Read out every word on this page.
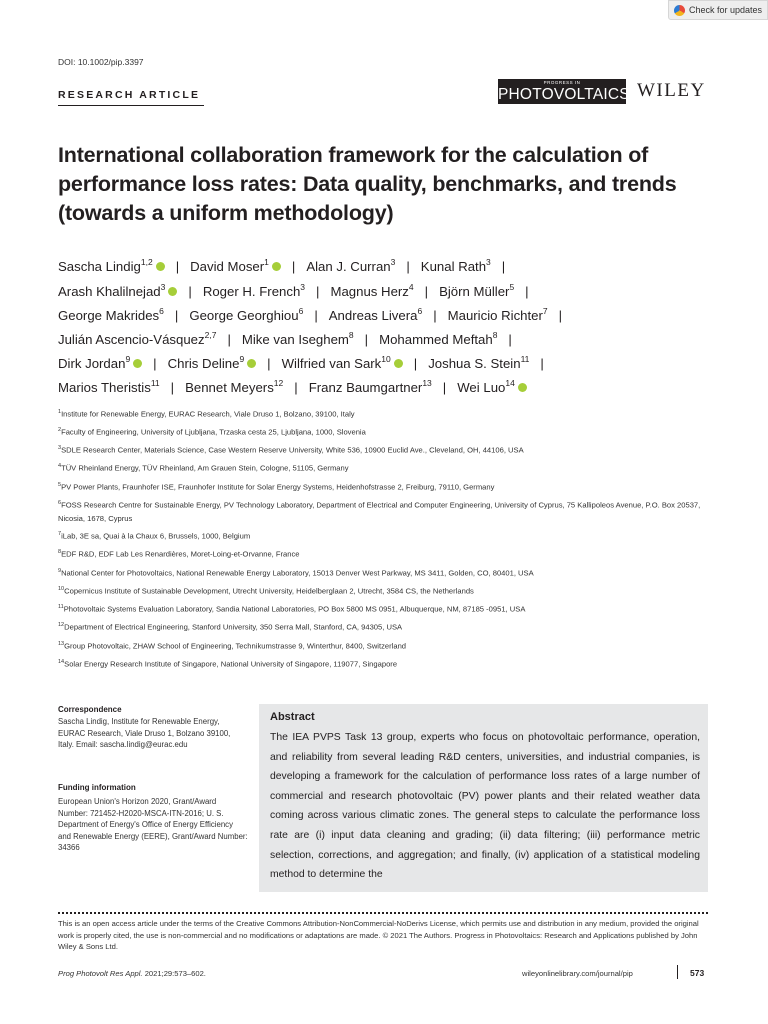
Check for updates
DOI: 10.1002/pip.3397
RESEARCH ARTICLE
PROGRESS IN
PHOTOVOLTAICS WILEY
International collaboration framework for the calculation of performance loss rates: Data quality, benchmarks, and trends (towards a uniform methodology)
Sascha Lindig$^{1,2}$ | David Moser$^1$ | Alan J. Curran$^3$ | Kunal Rath$^3$ |
Arash Khalilnejad$^3$ | Roger H. French$^3$ | Magnus Herz$^4$ | Björn Müller$^5$ |
George Makrides$^6$ | George Georghiou$^6$ | Andreas Livera$^6$ | Mauricio Richter$^7$ |
Julián Ascencio-Vásquez$^{2,7}$ | Mike van Iseghem$^8$ | Mohammed Meftah$^8$ |
Dirk Jordan$^9$ | Chris Deline$^9$ | Wilfried van Sark$^{10}$ | Joshua S. Stein$^{11}$ |
Marios Theristis$^{11}$ | Bennet Meyers$^{12}$ | Franz Baumgartner$^{13}$ | Wei Luo$^{14}$
$^1$Institute for Renewable Energy, EURAC Research, Viale Druso 1, Bolzano, 39100, Italy
$^2$Faculty of Engineering, University of Ljubljana, Trzaska cesta 25, Ljubljana, 1000, Slovenia
$^3$SDLE Research Center, Materials Science, Case Western Reserve University, White 536, 10900 Euclid Ave., Cleveland, OH, 44106, USA
$^4$TÜV Rheinland Energy, TÜV Rheinland, Am Grauen Stein, Cologne, 51105, Germany
$^5$PV Power Plants, Fraunhofer ISE, Fraunhofer Institute for Solar Energy Systems, Heidenhofstrasse 2, Freiburg, 79110, Germany
$^6$FOSS Research Centre for Sustainable Energy, PV Technology Laboratory, Department of Electrical and Computer Engineering, University of Cyprus, 75 Kallipoleos Avenue, P.O. Box 20537, Nicosia, 1678, Cyprus
$^7$iLab, 3E sa, Quai à la Chaux 6, Brussels, 1000, Belgium
$^8$EDF R&D, EDF Lab Les Renardières, Moret-Loing-et-Orvanne, France
$^9$National Center for Photovoltaics, National Renewable Energy Laboratory, 15013 Denver West Parkway, MS 3411, Golden, CO, 80401, USA
$^{10}$Copernicus Institute of Sustainable Development, Utrecht University, Heidelberglaan 2, Utrecht, 3584 CS, the Netherlands
$^{11}$Photovoltaic Systems Evaluation Laboratory, Sandia National Laboratories, PO Box 5800 MS 0951, Albuquerque, NM, 87185 -0951, USA
$^{12}$Department of Electrical Engineering, Stanford University, 350 Serra Mall, Stanford, CA, 94305, USA
$^{13}$Group Photovoltaic, ZHAW School of Engineering, Technikumstrasse 9, Winterthur, 8400, Switzerland
$^{14}$Solar Energy Research Institute of Singapore, National University of Singapore, 119077, Singapore
Correspondence
Sascha Lindig, Institute for Renewable Energy, EURAC Research, Viale Druso 1, Bolzano 39100, Italy. Email: sascha.lindig@eurac.edu
Funding information
European Union's Horizon 2020, Grant/Award Number: 721452-H2020-MSCA-ITN-2016; U. S. Department of Energy's Office of Energy Efficiency and Renewable Energy (EERE), Grant/Award Number: 34366
Abstract
The IEA PVPS Task 13 group, experts who focus on photovoltaic performance, operation, and reliability from several leading R&D centers, universities, and industrial companies, is developing a framework for the calculation of performance loss rates of a large number of commercial and research photovoltaic (PV) power plants and their related weather data coming across various climatic zones. The general steps to calculate the performance loss rate are (i) input data cleaning and grading; (ii) data filtering; (iii) performance metric selection, corrections, and aggregation; and finally, (iv) application of a statistical modeling method to determine the
This is an open access article under the terms of the Creative Commons Attribution-NonCommercial-NoDerivs License, which permits use and distribution in any medium, provided the original work is properly cited, the use is non-commercial and no modifications or adaptations are made. © 2021 The Authors. Progress in Photovoltaics: Research and Applications published by John Wiley & Sons Ltd.
Prog Photovolt Res Appl. 2021;29:573–602.	wileyonlinelibrary.com/journal/pip	573
